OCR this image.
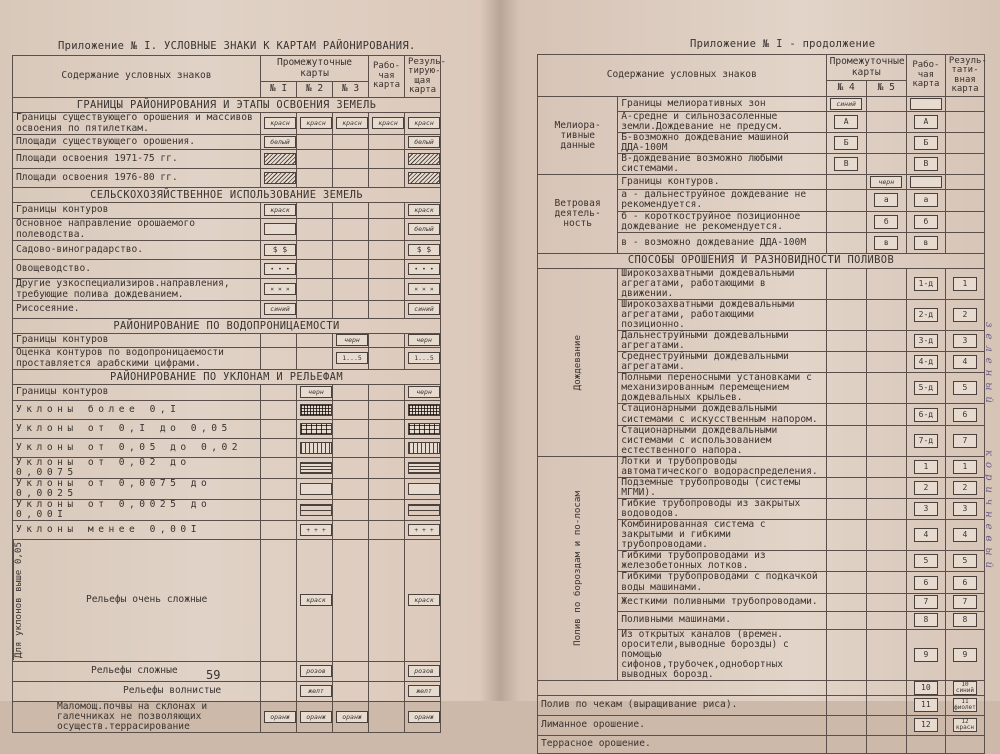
Приложение № I. УСЛОВНЫЕ ЗНАКИ К КАРТАМ РАЙОНИРОВАНИЯ.
Содержание условных знаков	Промежуточные карты			Рабо-чая карта	Резуль-тирую-щая карта
	№ I	№ 2	№ 3		
ГРАНИЦЫ РАЙОНИРОВАНИЯ И ЭТАПЫ ОСВОЕНИЯ ЗЕМЕЛЬ					
Границы существующего орошения и массивов освоения по пятилеткам.	красн	красн	красн	красн	красн
Площади существующего орошения.	белый				белый
Площади освоения 1971-75 гг.					
Площади освоения 1976-80 гг.					
СЕЛЬСКОХОЗЯЙСТВЕННОЕ ИСПОЛЬЗОВАНИЕ ЗЕМЕЛЬ					
Границы контуров	краск				краск
Основное направление орошаемого полеводства.					белый
Садово-виноградарство.	$ $				$ $
Овощеводство.	• • •				• • •
Другие узкоспециализиров.направления, требующие полива дождеванием.	× × ×				× × ×
Рисосеяние.	синий				синий
РАЙОНИРОВАНИЕ ПО ВОДОПРОНИЦАЕМОСТИ					
Границы контуров			черн		черн
Оценка контуров по водопроницаемости проставляется арабскими цифрами.			1...5		1...5
РАЙОНИРОВАНИЕ ПО УКЛОНАМ И РЕЛЬЕФАМ					
Границы контуров		черн			черн
Уклоны более 0,I					
Уклоны от 0,I до 0,05					
Уклоны от 0,05 до 0,02					
Уклоны от 0,02 до 0,0075					
Уклоны от 0,0075 до 0,0025					
Уклоны от 0,0025 до 0,00I					
Уклоны менее 0,00I		+ + +			+ + +

Для уклонов выше 0,05 Рельефы очень сложные		краск			краск
Рельефы сложные		розов			розов
Рельефы волнистые		желт			желт
Маломощ.почвы на склонах и галечниках не позволяющих осуществ.террасирование	оранж	оранж	оранж		оранж
59
Приложение № I - продолжение
Содержание условных знаков		Промежуточные карты		Рабо-чая карта	Резуль-тати-вная карта
		№ 4	№ 5		
Мелиора-тивные данные	Границы мелиоративных зон	синий			
	А-средне и сильнозасоленные земли.Дождевание не предусм.	А		А	
	Б-возможно дождевание машиной ДДА-100М	Б		Б	
	В-дождевание возможно любыми системами.	В		В	
Ветровая деятель-ность	Границы контуров.		черн		
	а - дальнеструйное дождевание не рекомендуется.		а	а	
	б - короткоструйное позиционное дождевание не рекомендуется.		б	б	
	в - возможно дождевание ДДА-100М		в	в	
СПОСОБЫ ОРОШЕНИЯ И РАЗНОВИДНОСТИ ПОЛИВОВ					
Дождевание	Широкозахватными дождевальными агрегатами, работающими в движении.			1-д	1
	Широкозахватными дождевальными агрегатами, работающими позиционно.			2-д	2
	Дальнеструйными дождевальными агрегатами.			3-д	3
	Среднеструйными дождевальными агрегатами.			4-д	4
	Полными переносными установками с механизированным перемещением дождевальных крыльев.			5-д	5
	Стационарными дождевальными системами с искусственным напором.			6-д	6
	Стационарными дождевальными системами с использованием естественного напора.			7-д	7
Полив по бороздам и по-лосам	Лотки и трубопроводы автоматического водораспределения.			1	1
	Подземные трубопроводы (системы МГМИ).			2	2
	Гибкие трубопроводы из закрытых водоводов.			3	3
	Комбинированная система с закрытыми и гибкими трубопроводами.			4	4
	Гибкими трубопроводами из железобетонных лотков.			5	5
	Гибкими трубопроводами с подкачкой воды машинами.			6	6
	Жесткими поливными трубопроводами.			7	7
	Поливными машинами.			8	8
	Из открытых каналов (времен. оросители,выводные борозды) с помощью сифонов,трубочек,однобортных выводных борозд.			9	9
				10	10 синий
Полив по чекам (выращивание риса).				11	11 фиолет
Лиманное орошение.				12	12 красн
Террасное орошение.					
зеленый
коричневый
